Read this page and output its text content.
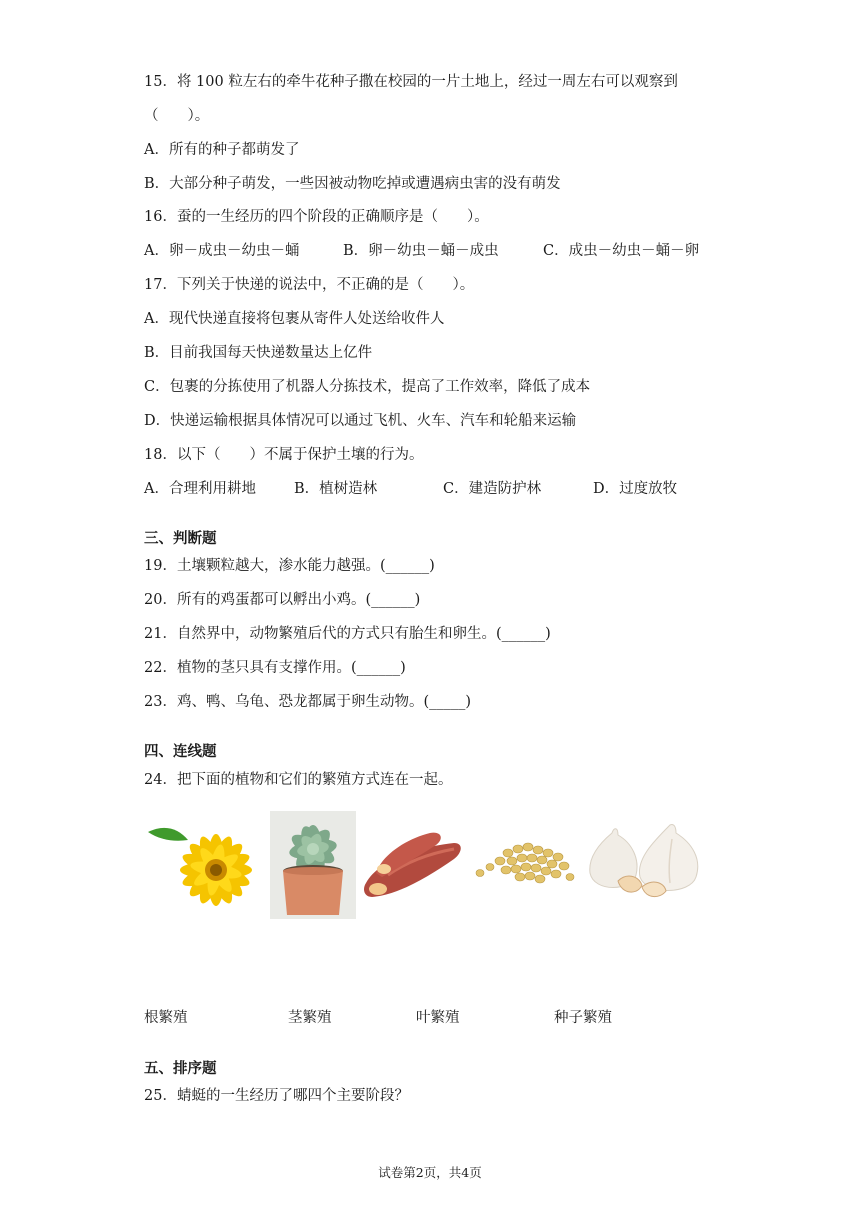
15．将 100 粒左右的牵牛花种子撒在校园的一片土地上，经过一周左右可以观察到
（　　）。
A．所有的种子都萌发了
B．大部分种子萌发，一些因被动物吃掉或遭遇病虫害的没有萌发
16．蚕的一生经历的四个阶段的正确顺序是（　　）。
A．卵－成虫－幼虫－蛹	B．卵－幼虫－蛹－成虫	C．成虫－幼虫－蛹－卵
17．下列关于快递的说法中，不正确的是（　　）。
A．现代快递直接将包裹从寄件人处送给收件人
B．目前我国每天快递数量达上亿件
C．包裹的分拣使用了机器人分拣技术，提高了工作效率，降低了成本
D．快递运输根据具体情况可以通过飞机、火车、汽车和轮船来运输
18．以下（　　）不属于保护土壤的行为。
A．合理利用耕地	B．植树造林	C．建造防护林	D．过度放牧
三、判断题
19．土壤颗粒越大，渗水能力越强。(______)
20．所有的鸡蛋都可以孵出小鸡。(______)
21．自然界中，动物繁殖后代的方式只有胎生和卵生。(______)
22．植物的茎只具有支撑作用。(______)
23．鸡、鸭、乌龟、恐龙都属于卵生动物。(_____)
四、连线题
24．把下面的植物和它们的繁殖方式连在一起。
根繁殖	茎繁殖	叶繁殖	种子繁殖
五、排序题
25．蜻蜓的一生经历了哪四个主要阶段？
试卷第2页，共4页
